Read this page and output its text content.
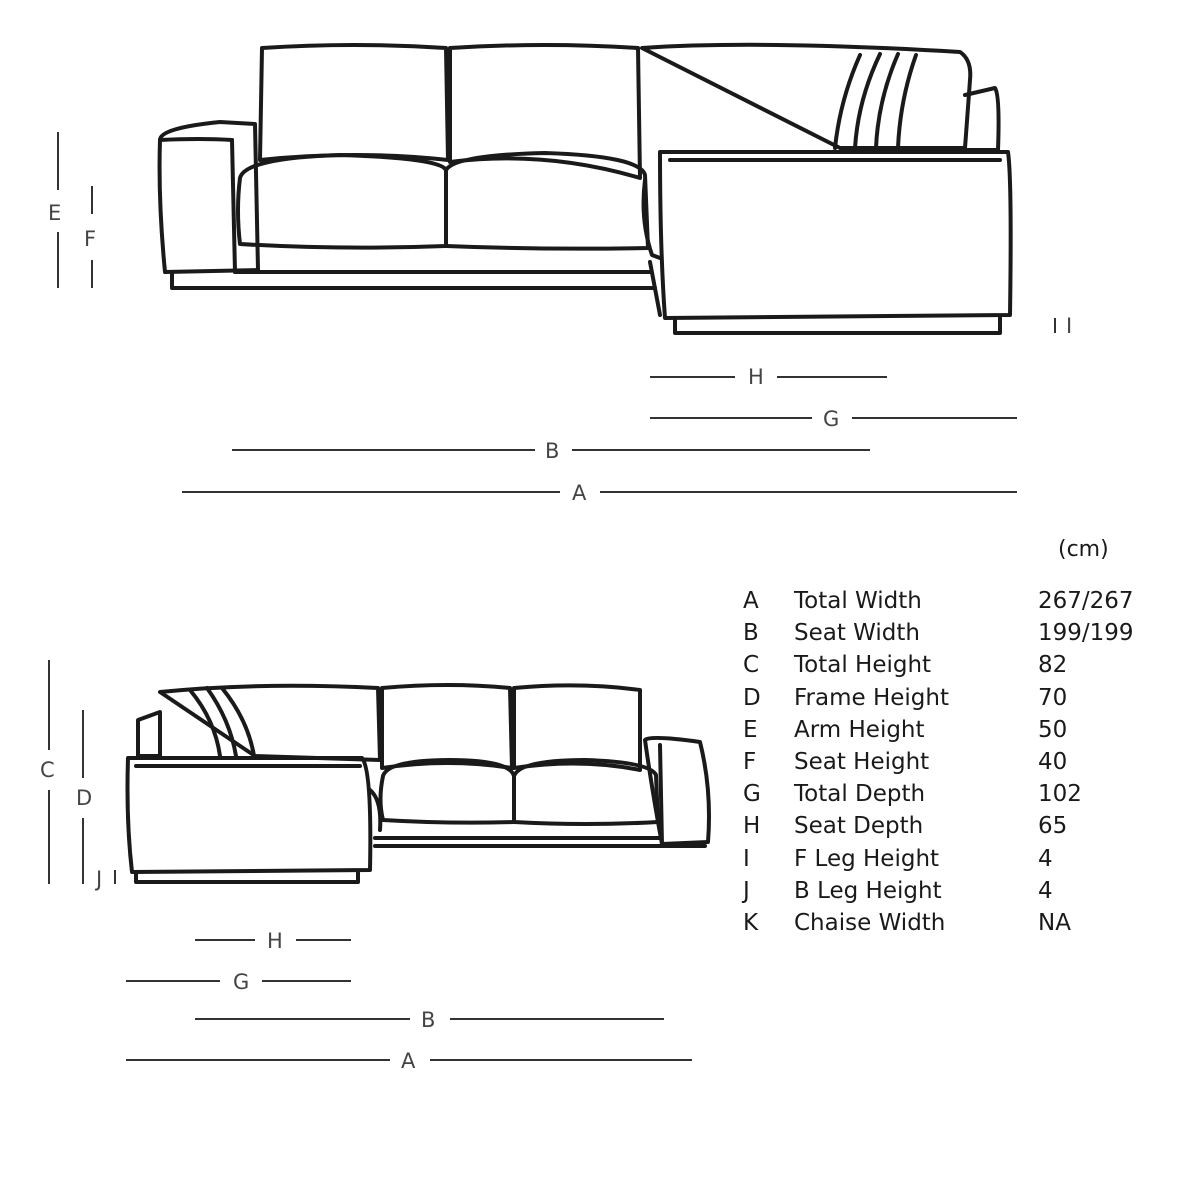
E
F
I
H
G
B
A
C
D
J
H
G
B
A
(cm)
A Total Width	267/267
B Seat Width	199/199
C Total Height	82
D Frame Height	70
E Arm Height	50
F Seat Height	40
G Total Depth	102
H Seat Depth	65
I F Leg Height	4
J B Leg Height	4
K Chaise Width	NA
